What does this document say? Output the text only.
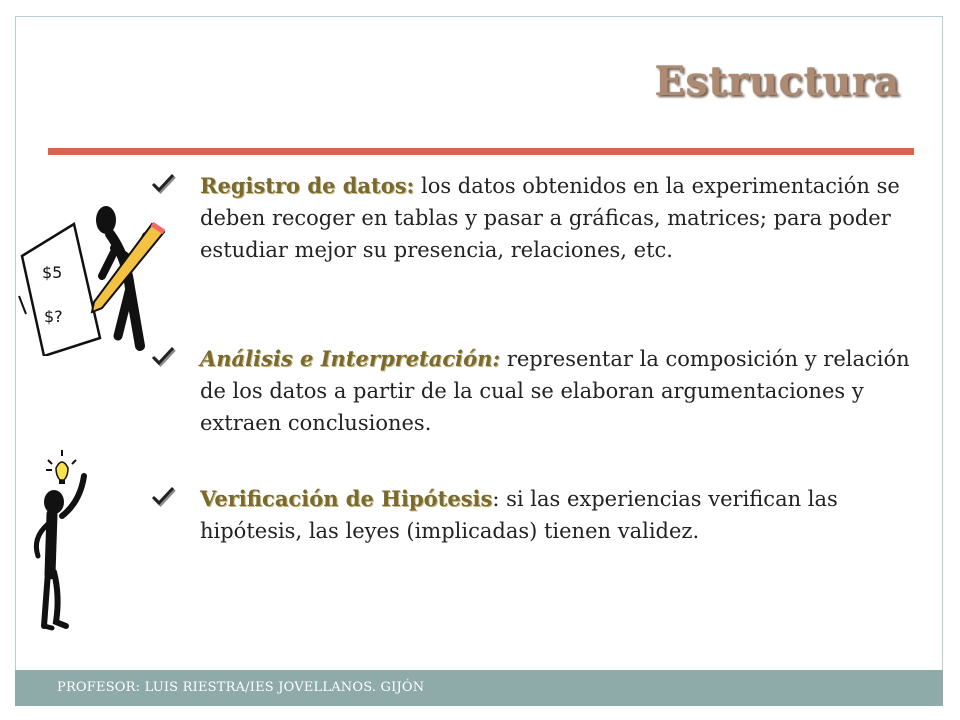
Estructura
Registro de datos: los datos obtenidos en la experimentación se deben recoger en tablas y pasar a gráficas, matrices; para poder estudiar mejor su presencia, relaciones, etc.
Análisis e Interpretación: representar la composición y relación de los datos a partir de la cual se elaboran argumentaciones y extraen conclusiones.
Verificación de Hipótesis: si las experiencias verifican las hipótesis, las leyes (implicadas) tienen validez.
$5
$?
PROFESOR: LUIS RIESTRA/IES JOVELLANOS. GIJÓN
